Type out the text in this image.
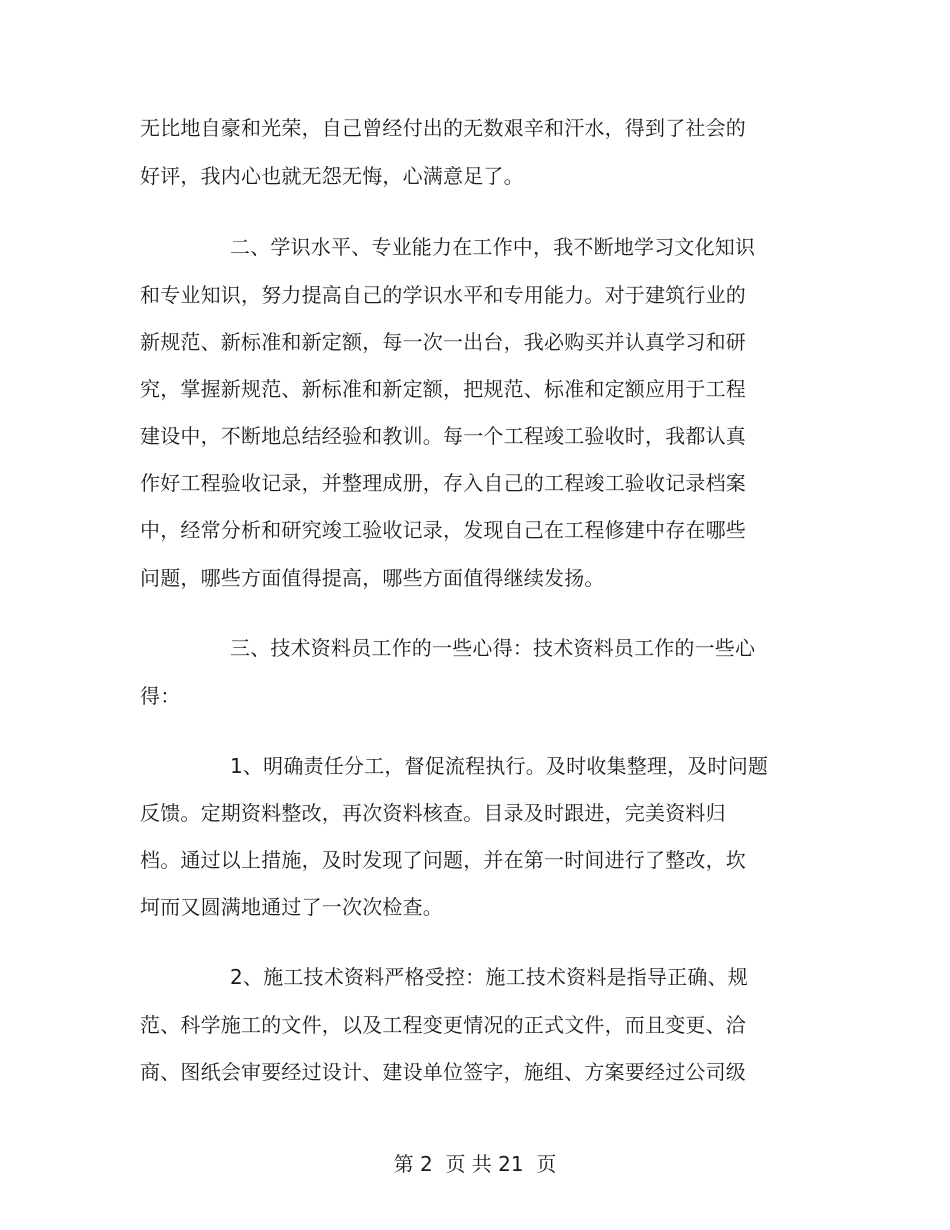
无比地自豪和光荣，自己曾经付出的无数艰辛和汗水，得到了社会的
好评，我内心也就无怨无悔，心满意足了。
二、学识水平、专业能力在工作中，我不断地学习文化知识
和专业知识，努力提高自己的学识水平和专用能力。对于建筑行业的
新规范、新标准和新定额，每一次一出台，我必购买并认真学习和研
究，掌握新规范、新标准和新定额，把规范、标准和定额应用于工程
建设中，不断地总结经验和教训。每一个工程竣工验收时，我都认真
作好工程验收记录，并整理成册，存入自己的工程竣工验收记录档案
中，经常分析和研究竣工验收记录，发现自己在工程修建中存在哪些
问题，哪些方面值得提高，哪些方面值得继续发扬。
三、技术资料员工作的一些心得：技术资料员工作的一些心
得：
1、明确责任分工，督促流程执行。及时收集整理，及时问题
反馈。定期资料整改，再次资料核查。目录及时跟进，完美资料归
档。通过以上措施，及时发现了问题，并在第一时间进行了整改，坎
坷而又圆满地通过了一次次检查。
2、施工技术资料严格受控：施工技术资料是指导正确、规
范、科学施工的文件，以及工程变更情况的正式文件，而且变更、洽
商、图纸会审要经过设计、建设单位签字，施组、方案要经过公司级
第 2  页 共 21  页
